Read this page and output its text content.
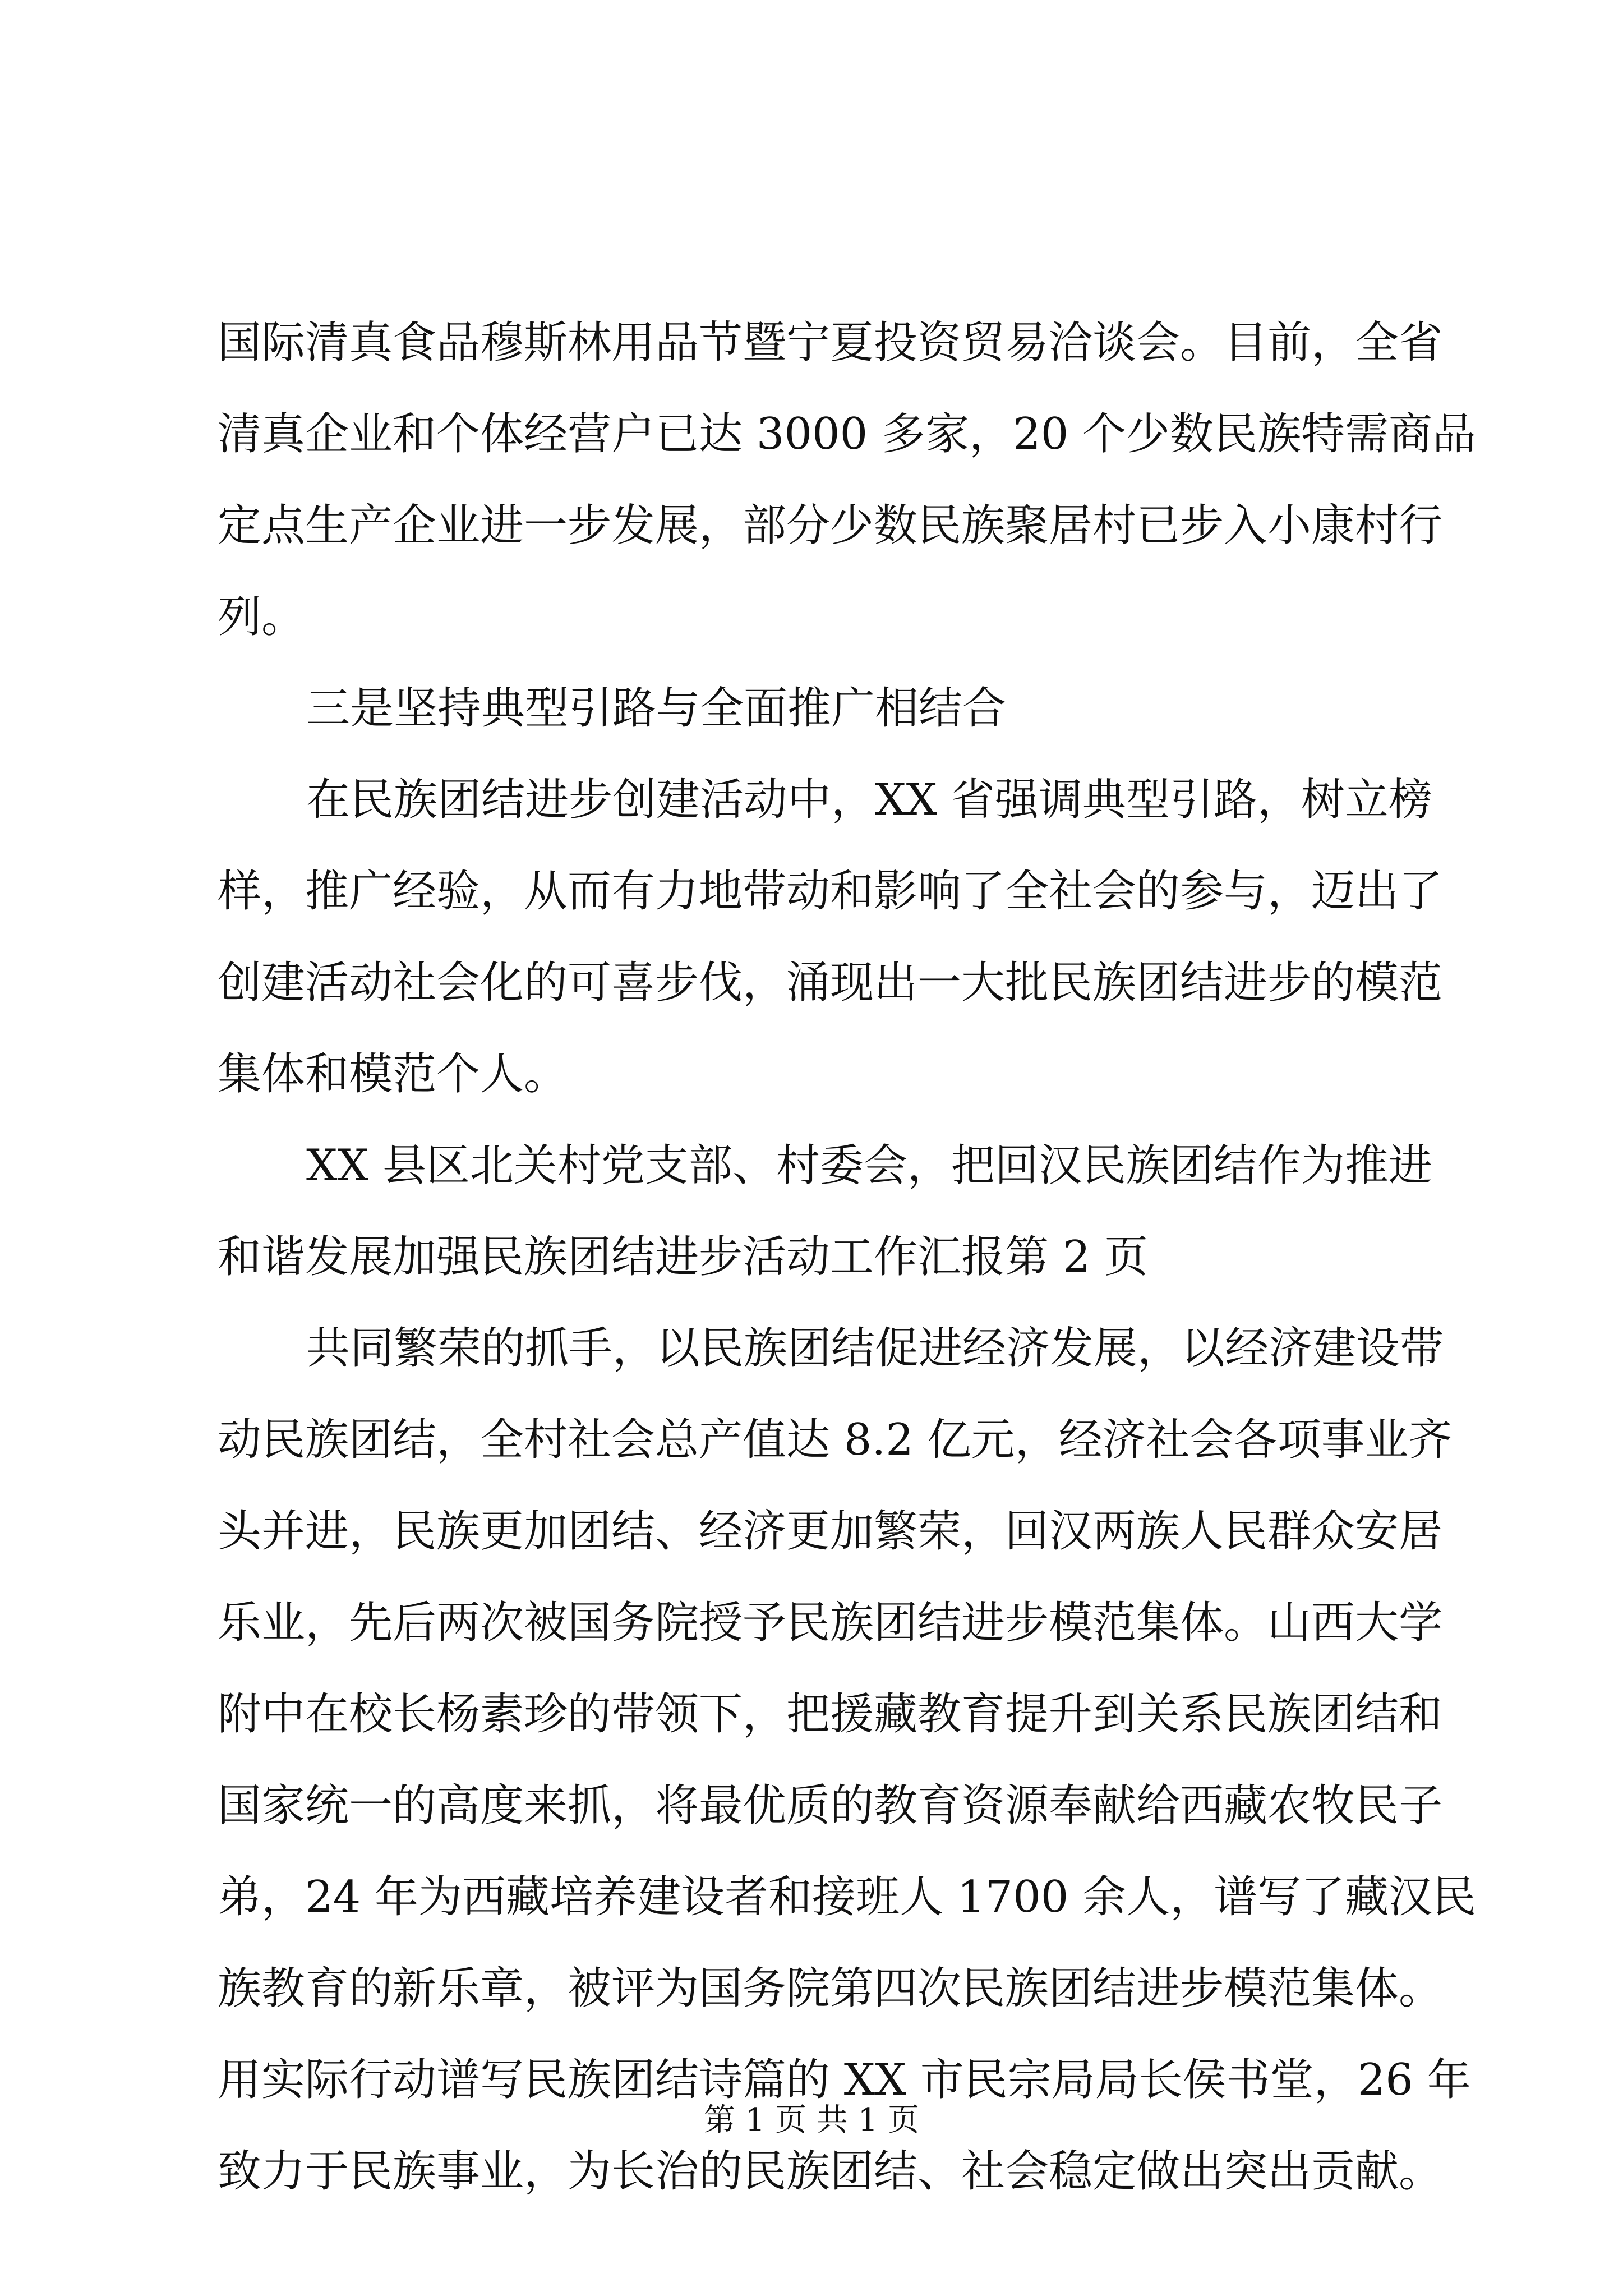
国际清真食品穆斯林用品节暨宁夏投资贸易洽谈会。目前，全省
清真企业和个体经营户已达 3000 多家，20 个少数民族特需商品
定点生产企业进一步发展，部分少数民族聚居村已步入小康村行
列。
三是坚持典型引路与全面推广相结合
在民族团结进步创建活动中，XX 省强调典型引路，树立榜
样，推广经验，从而有力地带动和影响了全社会的参与，迈出了
创建活动社会化的可喜步伐，涌现出一大批民族团结进步的模范
集体和模范个人。
XX 县区北关村党支部、村委会，把回汉民族团结作为推进
和谐发展加强民族团结进步活动工作汇报第 2 页
共同繁荣的抓手，以民族团结促进经济发展，以经济建设带
动民族团结，全村社会总产值达 8.2 亿元，经济社会各项事业齐
头并进，民族更加团结、经济更加繁荣，回汉两族人民群众安居
乐业，先后两次被国务院授予民族团结进步模范集体。山西大学
附中在校长杨素珍的带领下，把援藏教育提升到关系民族团结和
国家统一的高度来抓，将最优质的教育资源奉献给西藏农牧民子
弟，24 年为西藏培养建设者和接班人 1700 余人，谱写了藏汉民
族教育的新乐章，被评为国务院第四次民族团结进步模范集体。
用实际行动谱写民族团结诗篇的 XX 市民宗局局长侯书堂，26 年
致力于民族事业，为长治的民族团结、社会稳定做出突出贡献。
第 1 页 共 1 页
